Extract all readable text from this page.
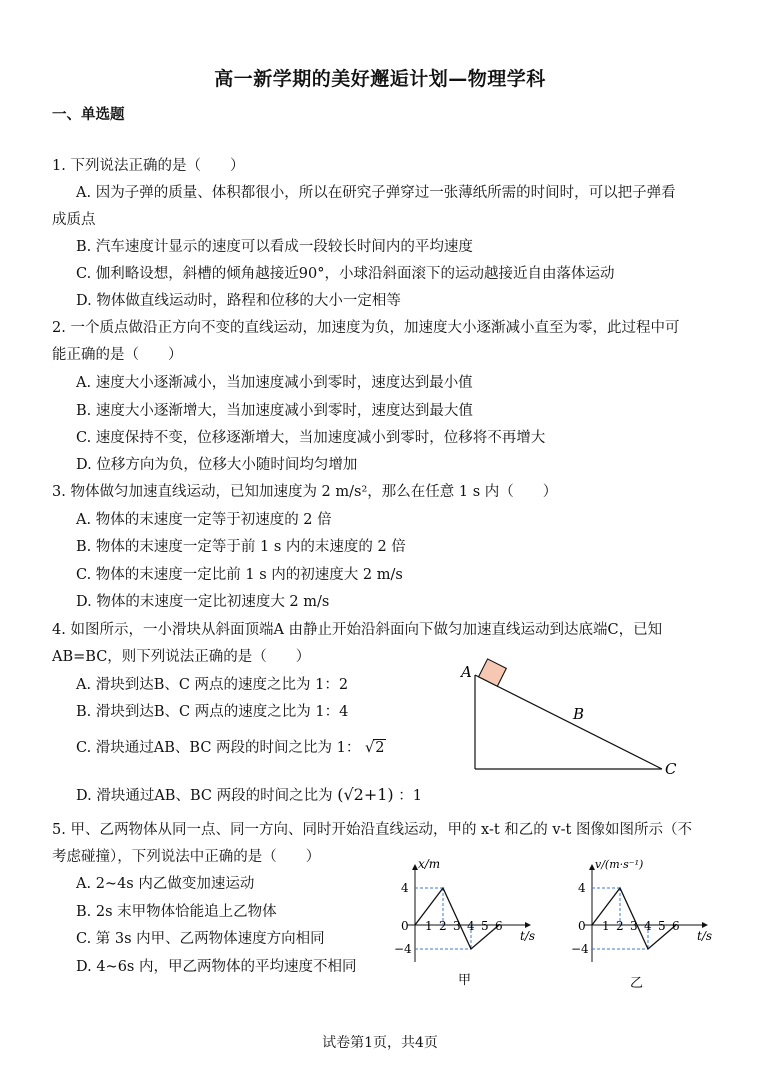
高一新学期的美好邂逅计划—物理学科
一、单选题
1. 下列说法正确的是（　　）
A. 因为子弹的质量、体积都很小，所以在研究子弹穿过一张薄纸所需的时间时，可以把子弹看
成质点
B. 汽车速度计显示的速度可以看成一段较长时间内的平均速度
C. 伽利略设想，斜槽的倾角越接近90°，小球沿斜面滚下的运动越接近自由落体运动
D. 物体做直线运动时，路程和位移的大小一定相等
2. 一个质点做沿正方向不变的直线运动，加速度为负，加速度大小逐渐减小直至为零，此过程中可
能正确的是（　　）
A. 速度大小逐渐减小，当加速度减小到零时，速度达到最小值
B. 速度大小逐渐增大，当加速度减小到零时，速度达到最大值
C. 速度保持不变，位移逐渐增大，当加速度减小到零时，位移将不再增大
D. 位移方向为负，位移大小随时间均匀增加
3. 物体做匀加速直线运动，已知加速度为 2 m/s²，那么在任意 1 s 内（　　）
A. 物体的末速度一定等于初速度的 2 倍
B. 物体的末速度一定等于前 1 s 内的末速度的 2 倍
C. 物体的末速度一定比前 1 s 内的初速度大 2 m/s
D. 物体的末速度一定比初速度大 2 m/s
4. 如图所示，一小滑块从斜面顶端A 由静止开始沿斜面向下做匀加速直线运动到达底端C，已知
AB=BC，则下列说法正确的是（　　）
A. 滑块到达B、C 两点的速度之比为 1：2
B. 滑块到达B、C 两点的速度之比为 1：4
C. 滑块通过AB、BC 两段的时间之比为 1： √2
D. 滑块通过AB、BC 两段的时间之比为 (√2+1) ：1
A
B
C
5. 甲、乙两物体从同一点、同一方向、同时开始沿直线运动，甲的 x-t 和乙的 v-t 图像如图所示（不
考虑碰撞），下列说法中正确的是（　　）
A. 2~4s 内乙做变加速运动
B. 2s 末甲物体恰能追上乙物体
C. 第 3s 内甲、乙两物体速度方向相同
D. 4~6s 内，甲乙两物体的平均速度不相同
x/m
t/s
4
−4
0 1 2 3 4 5 6
甲
v/(m·s⁻¹)
t/s
4
−4
0 1 2 3 4 5 6
乙
试卷第1页，共4页
